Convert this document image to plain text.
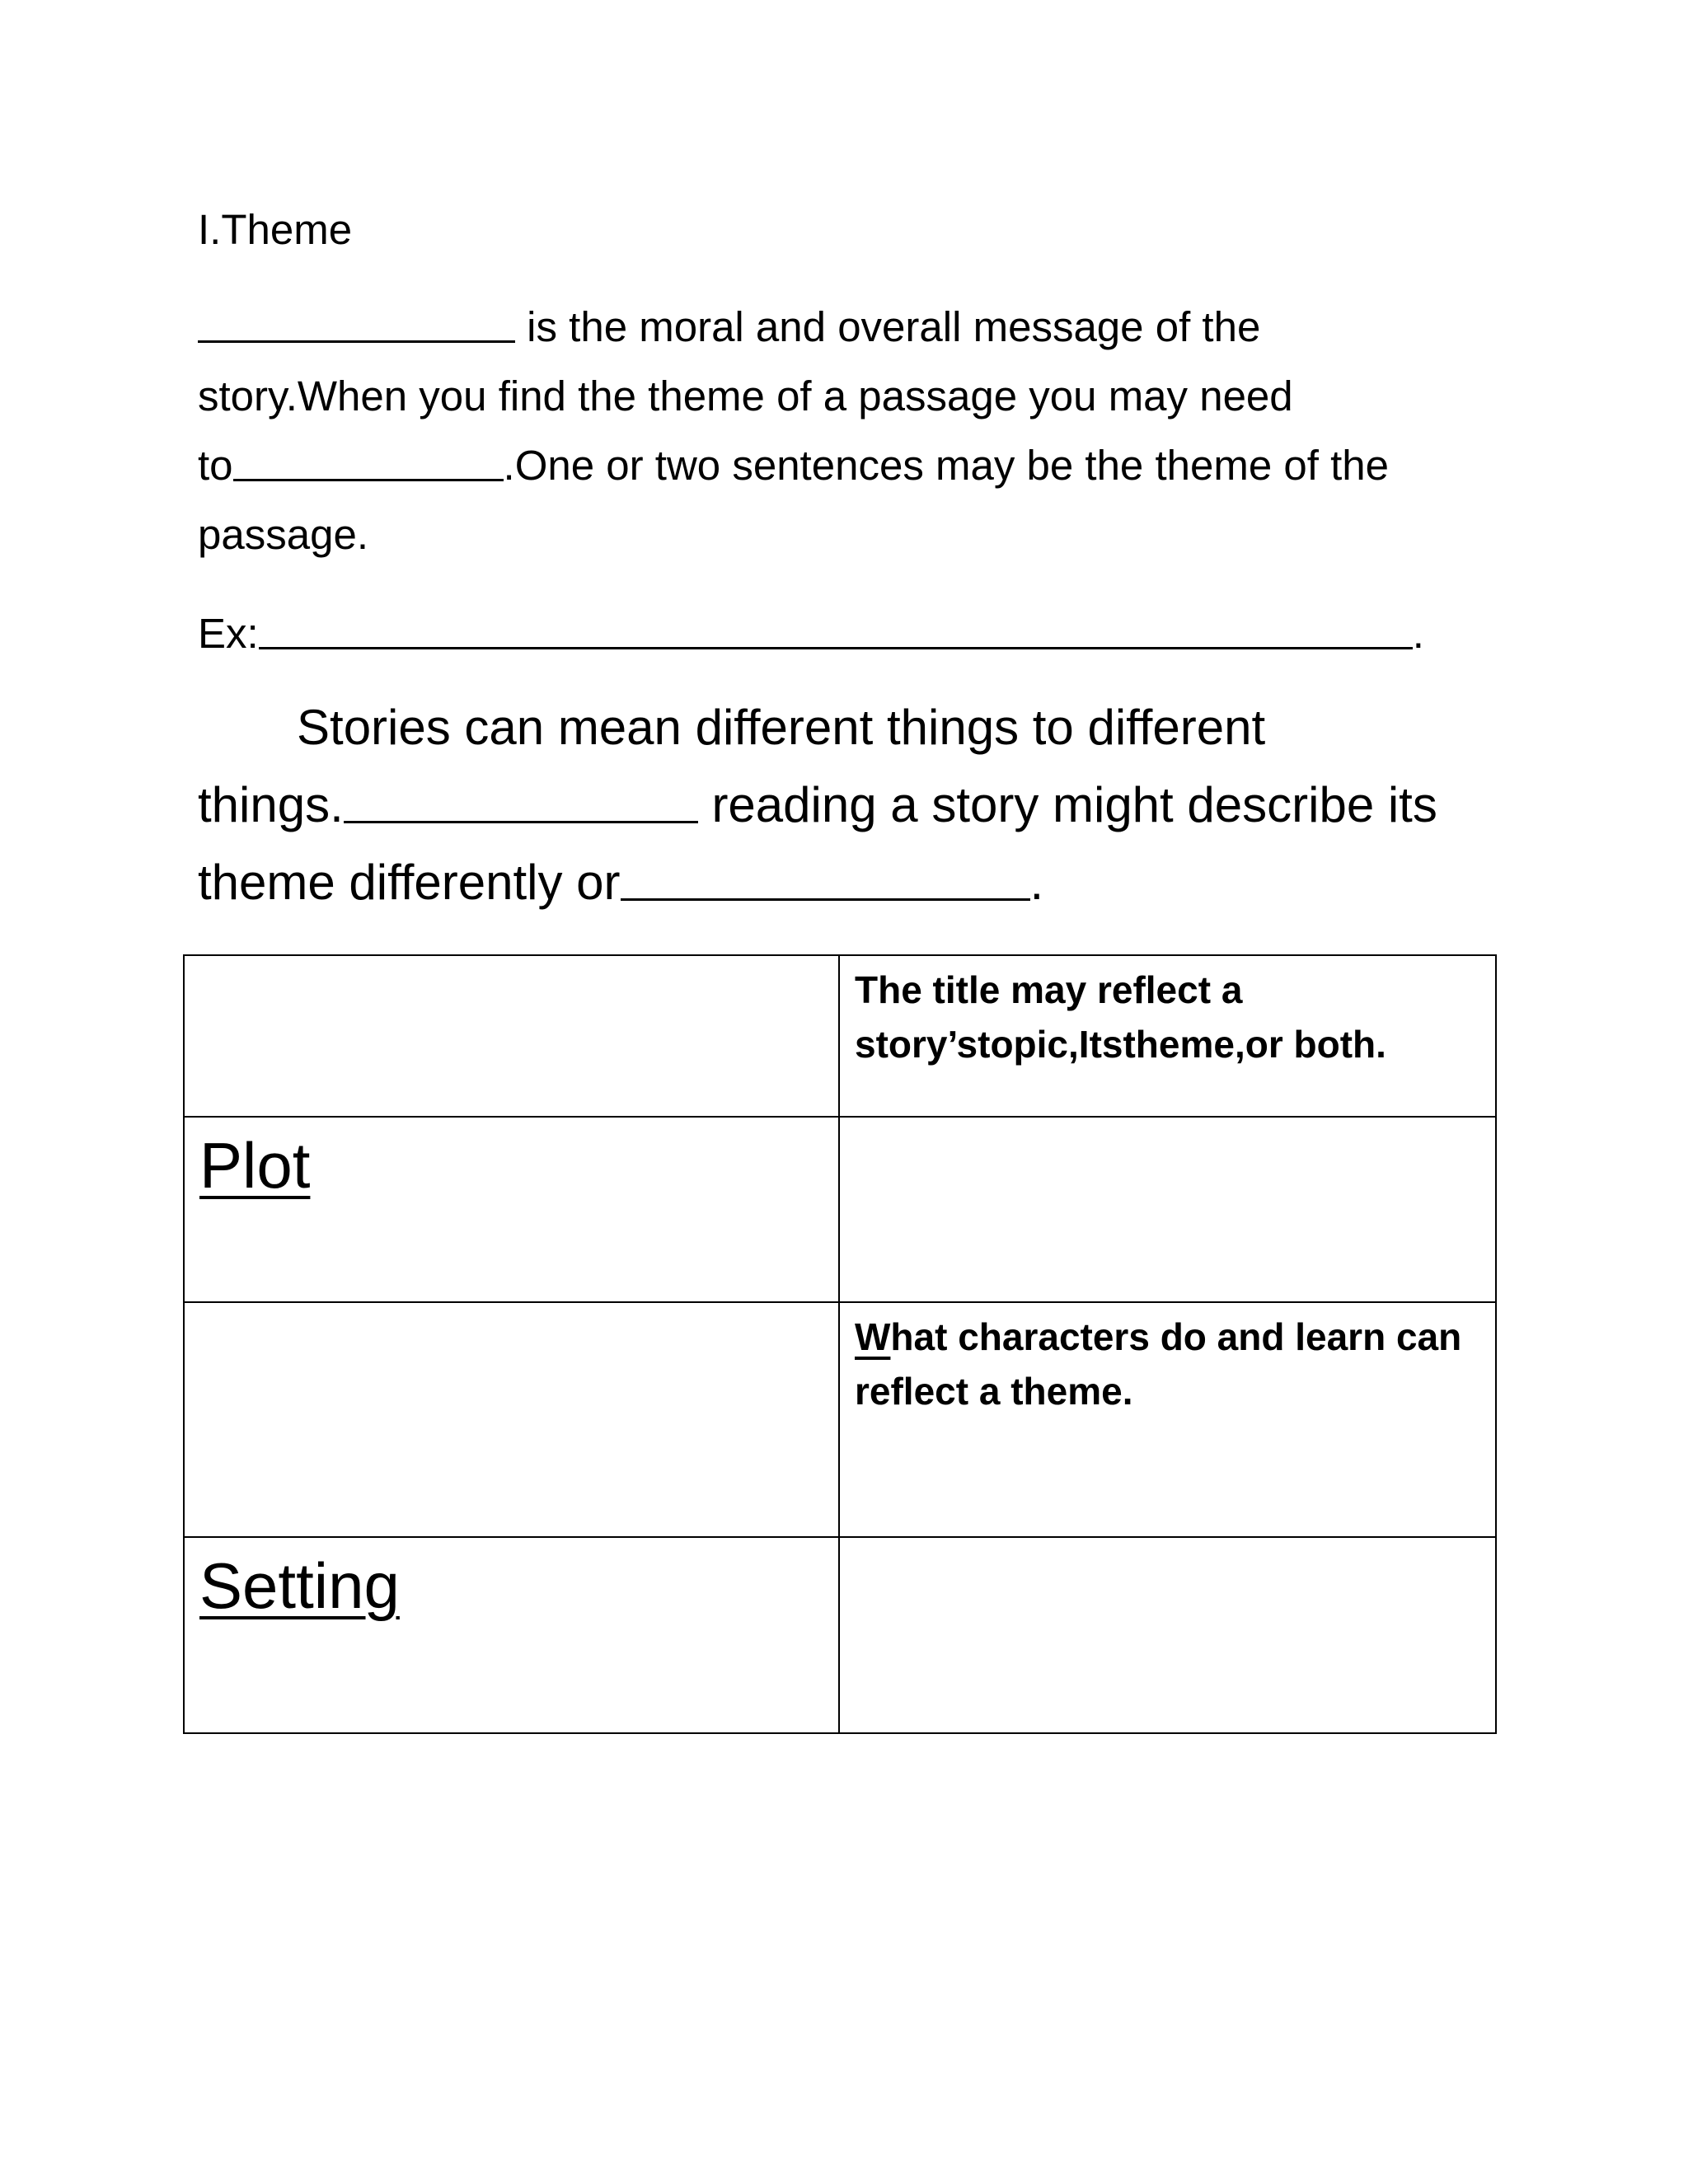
I.Theme
is the moral and overall message of the
story.When you find the theme of a passage you may need
to	.One or two sentences may be the theme of the
passage.
Ex:	.
Stories can mean different things to different
things.	reading a story might describe its
theme differently or	.
	The title may reflect a story’stopic,Itstheme,or both.
Plot	
	What characters do and learn can reflect a theme.
Setting	
